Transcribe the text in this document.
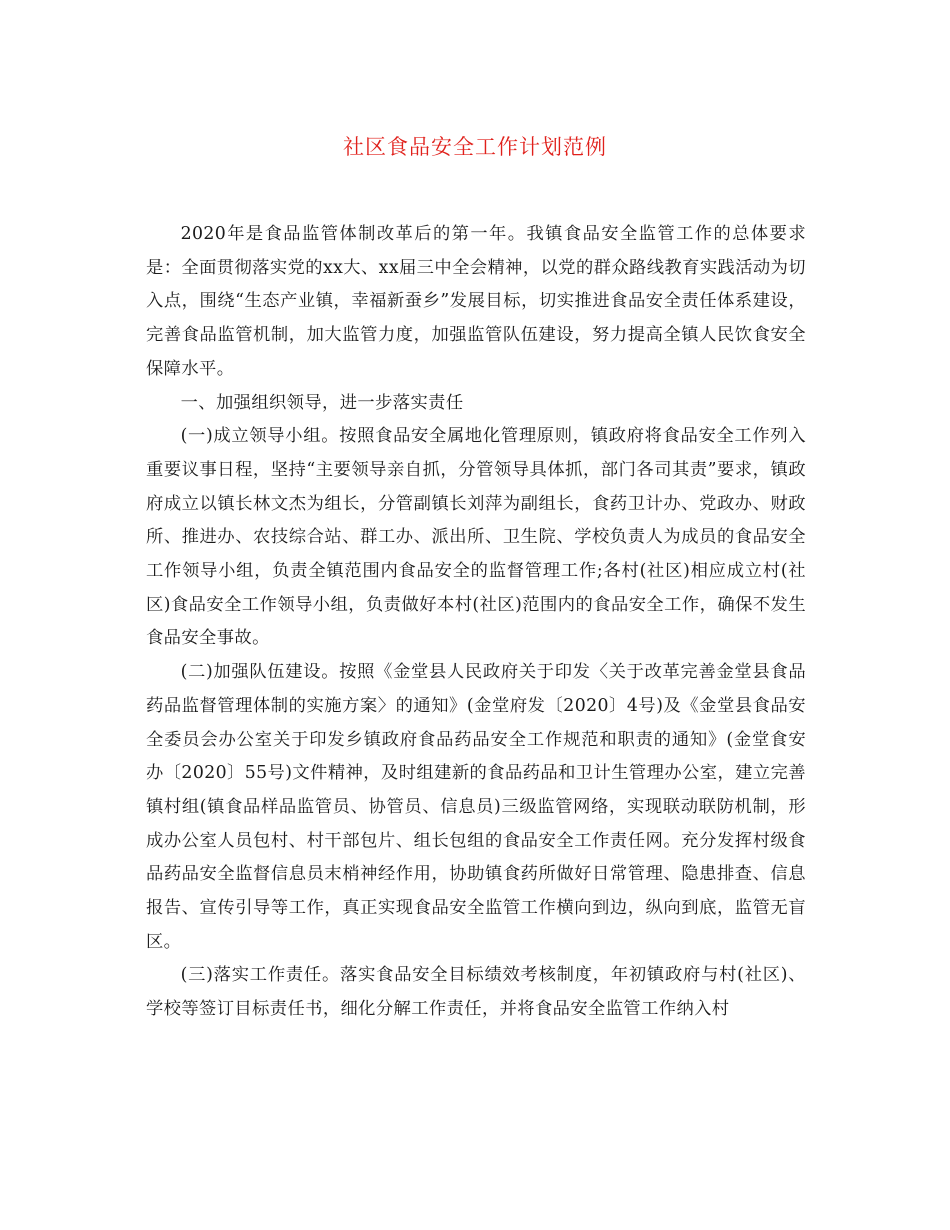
社区食品安全工作计划范例

2020年是食品监管体制改革后的第一年。我镇食品安全监管工作的总体要求是：全面贯彻落实党的xx大、xx届三中全会精神，以党的群众路线教育实践活动为切入点，围绕“生态产业镇，幸福新蚕乡”发展目标，切实推进食品安全责任体系建设，完善食品监管机制，加大监管力度，加强监管队伍建设，努力提高全镇人民饮食安全保障水平。

一、加强组织领导，进一步落实责任

(一)成立领导小组。按照食品安全属地化管理原则，镇政府将食品安全工作列入重要议事日程，坚持“主要领导亲自抓，分管领导具体抓，部门各司其责”要求，镇政府成立以镇长林文杰为组长，分管副镇长刘萍为副组长，食药卫计办、党政办、财政所、推进办、农技综合站、群工办、派出所、卫生院、学校负责人为成员的食品安全工作领导小组，负责全镇范围内食品安全的监督管理工作;各村(社区)相应成立村(社区)食品安全工作领导小组，负责做好本村(社区)范围内的食品安全工作，确保不发生食品安全事故。

(二)加强队伍建设。按照《金堂县人民政府关于印发〈关于改革完善金堂县食品药品监督管理体制的实施方案〉的通知》(金堂府发〔2020〕4号)及《金堂县食品安全委员会办公室关于印发乡镇政府食品药品安全工作规范和职责的通知》(金堂食安办〔2020〕55号)文件精神，及时组建新的食品药品和卫计生管理办公室，建立完善镇村组(镇食品样品监管员、协管员、信息员)三级监管网络，实现联动联防机制，形成办公室人员包村、村干部包片、组长包组的食品安全工作责任网。充分发挥村级食品药品安全监督信息员末梢神经作用，协助镇食药所做好日常管理、隐患排查、信息报告、宣传引导等工作，真正实现食品安全监管工作横向到边，纵向到底，监管无盲区。

(三)落实工作责任。落实食品安全目标绩效考核制度，年初镇政府与村(社区)、学校等签订目标责任书，细化分解工作责任，并将食品安全监管工作纳入村
